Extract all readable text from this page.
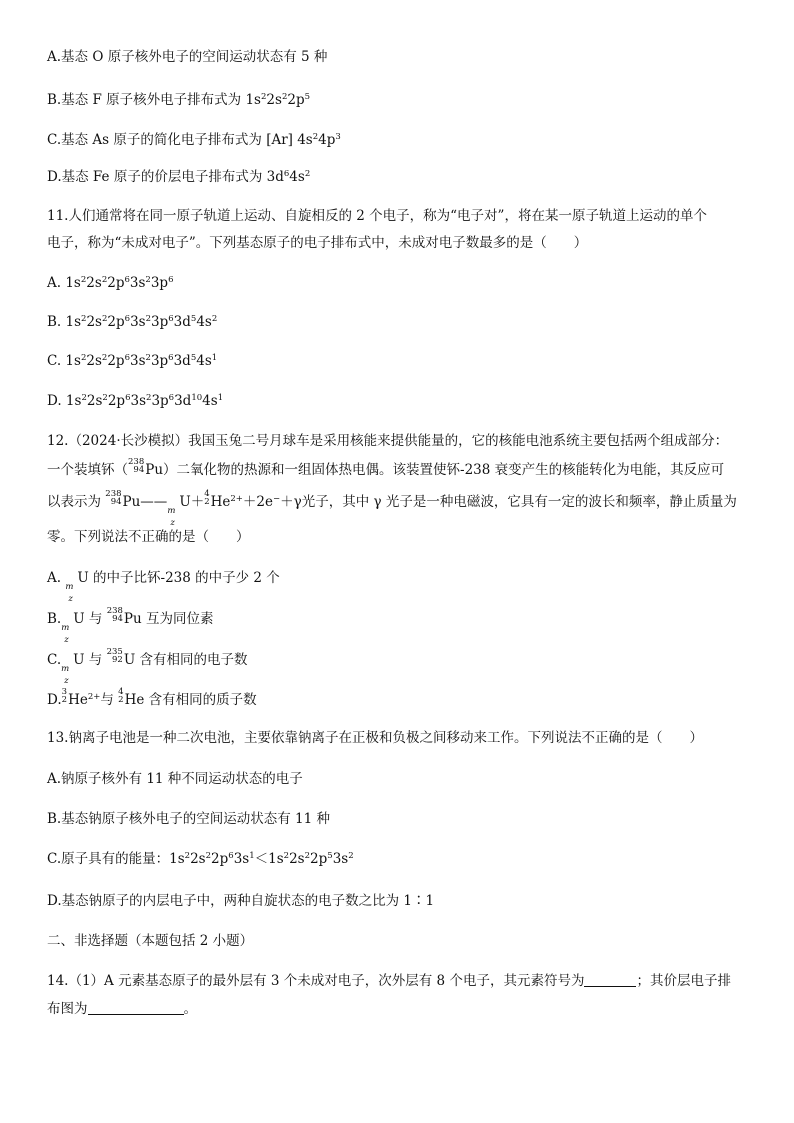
A.基态 O 原子核外电子的空间运动状态有 5 种
B.基态 F 原子核外电子排布式为 $1s^22s^22p^5$
C.基态 As 原子的简化电子排布式为 [Ar] $4s^24p^3$
D.基态 Fe 原子的价层电子排布式为 $3d^64s^2$
11.人们通常将在同一原子轨道上运动、自旋相反的 2 个电子，称为“电子对”，将在某一原子轨道上运动的单个
电子，称为“未成对电子”。下列基态原子的电子排布式中，未成对电子数最多的是（　　）
A. $1s^22s^22p^63s^23p^6$
B. $1s^22s^22p^63s^23p^63d^54s^2$
C. $1s^22s^22p^63s^23p^63d^54s^1$
D. $1s^22s^22p^63s^23p^63d^{10}4s^1$
12.（2024·长沙模拟）我国玉兔二号月球车是采用核能来提供能量的，它的核能电池系统主要包括两个组成部分：
一个装填钚（ 238
94 Pu）二氧化物的热源和一组固体热电偶。该装置使钚-238 衰变产生的核能转化为电能，其反应可
以表示为 238
94 Pu——
m
z
U＋ 4
2 $He^{2+}+2e^-+\gamma$光子，其中 γ 光子是一种电磁波，它具有一定的波长和频率，静止质量为
零。下列说法不正确的是（　　）
A.
m
z
U 的中子比钚-238 的中子少 2 个
B.
m
z
U 与 238
94 Pu 互为同位素
C.
m
z
U 与 235
92 U 含有相同的电子数
D. 3
2 $He^{2+}$与 4
2 He 含有相同的质子数
13.钠离子电池是一种二次电池，主要依靠钠离子在正极和负极之间移动来工作。下列说法不正确的是（　　）
A.钠原子核外有 11 种不同运动状态的电子
B.基态钠原子核外电子的空间运动状态有 11 种
C.原子具有的能量：$1s^22s^22p^63s^1<1s^22s^22p^53s^2$
D.基态钠原子的内层电子中，两种自旋状态的电子数之比为 1∶1
二、非选择题（本题包括 2 小题）
14.（1）A 元素基态原子的最外层有 3 个未成对电子，次外层有 8 个电子，其元素符号为	；其价层电子排
布图为	。
